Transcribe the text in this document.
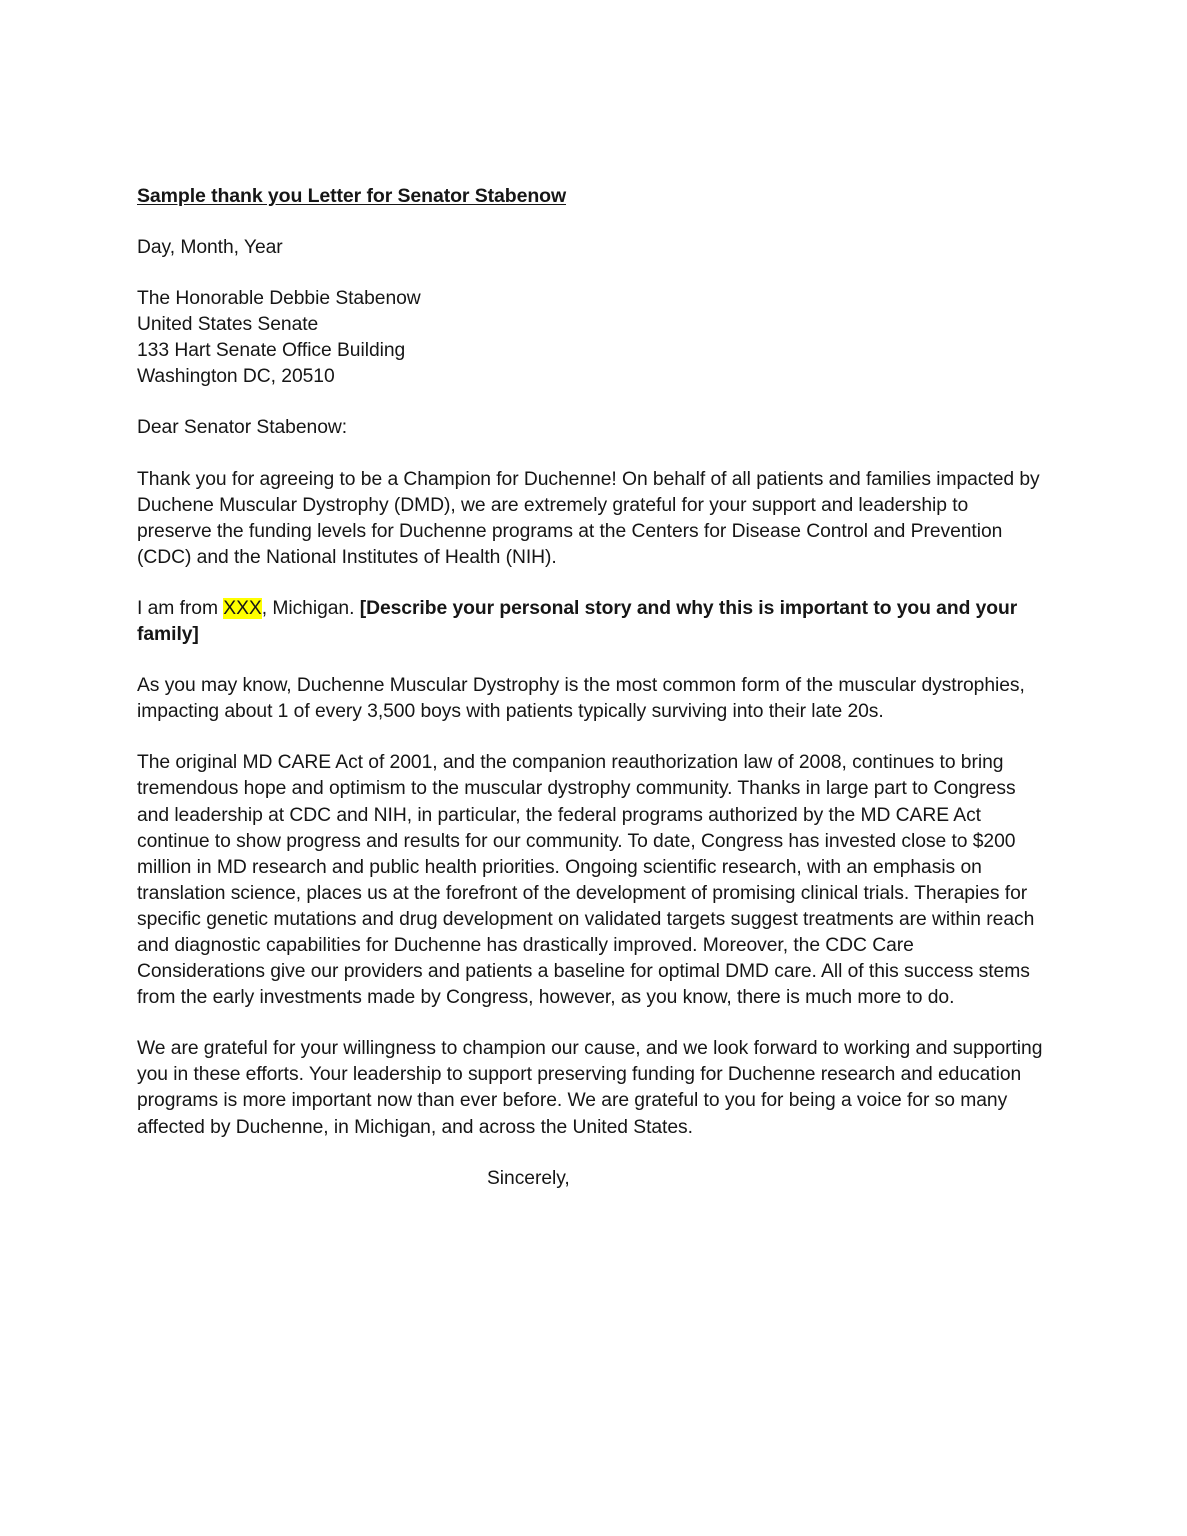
Sample thank you Letter for Senator Stabenow
Day, Month, Year
The Honorable Debbie Stabenow
United States Senate
133 Hart Senate Office Building
Washington DC, 20510
Dear Senator Stabenow:
Thank you for agreeing to be a Champion for Duchenne! On behalf of all patients and families impacted by Duchene Muscular Dystrophy (DMD), we are extremely grateful for your support and leadership to preserve the funding levels for Duchenne programs at the Centers for Disease Control and Prevention (CDC) and the National Institutes of Health (NIH).
I am from XXX, Michigan. [Describe your personal story and why this is important to you and your family]
As you may know, Duchenne Muscular Dystrophy is the most common form of the muscular dystrophies, impacting about 1 of every 3,500 boys with patients typically surviving into their late 20s.
The original MD CARE Act of 2001, and the companion reauthorization law of 2008, continues to bring tremendous hope and optimism to the muscular dystrophy community. Thanks in large part to Congress and leadership at CDC and NIH, in particular, the federal programs authorized by the MD CARE Act continue to show progress and results for our community. To date, Congress has invested close to $200 million in MD research and public health priorities. Ongoing scientific research, with an emphasis on translation science, places us at the forefront of the development of promising clinical trials. Therapies for specific genetic mutations and drug development on validated targets suggest treatments are within reach and diagnostic capabilities for Duchenne has drastically improved. Moreover, the CDC Care Considerations give our providers and patients a baseline for optimal DMD care. All of this success stems from the early investments made by Congress, however, as you know, there is much more to do.
We are grateful for your willingness to champion our cause, and we look forward to working and supporting you in these efforts. Your leadership to support preserving funding for Duchenne research and education programs is more important now than ever before. We are grateful to you for being a voice for so many affected by Duchenne, in Michigan, and across the United States.
Sincerely,
